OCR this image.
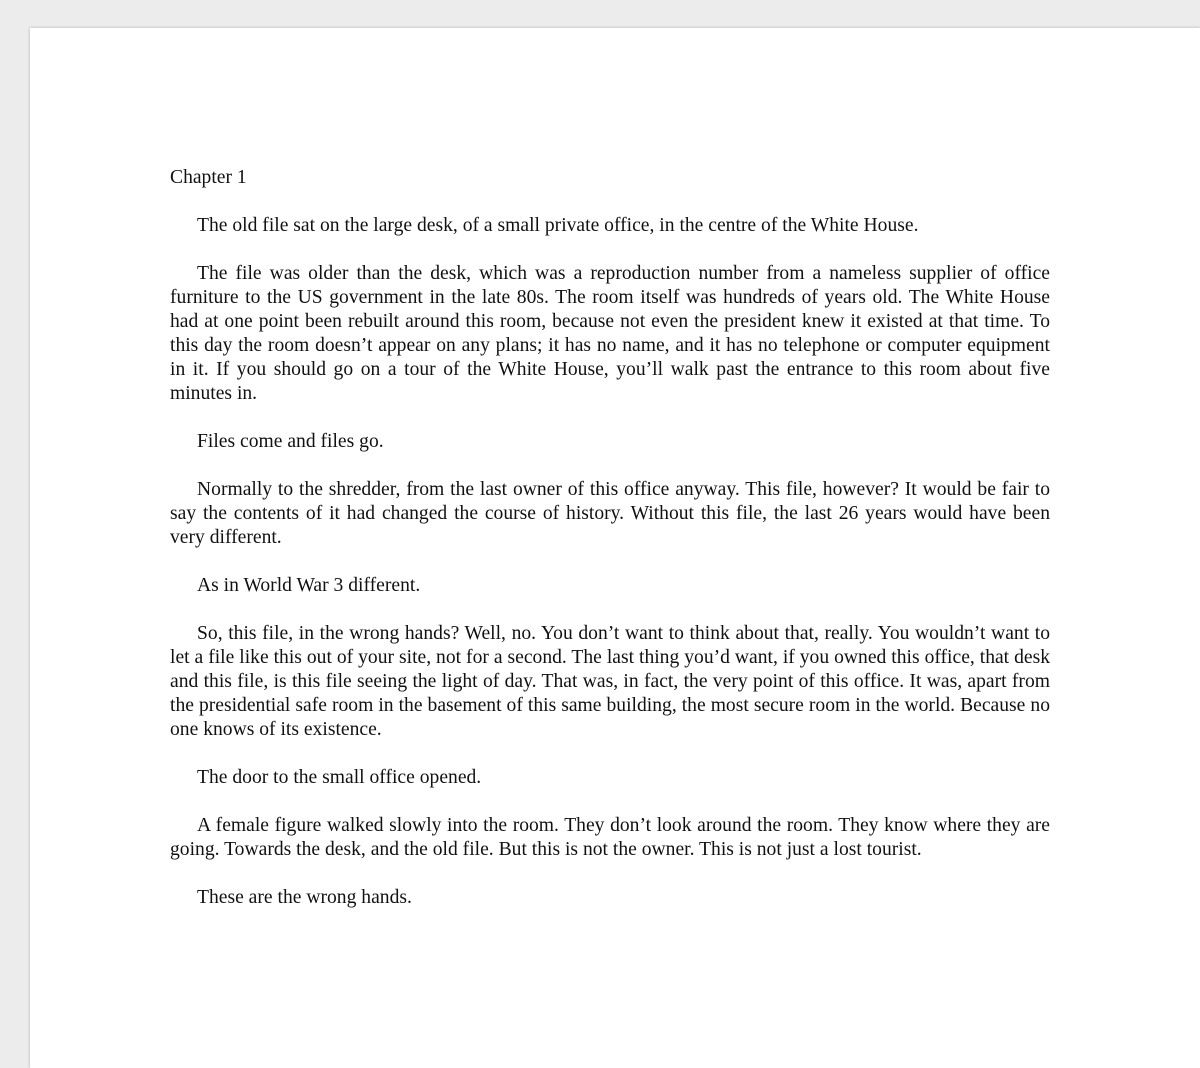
Chapter 1

The old file sat on the large desk, of a small private office, in the centre of the White House.

The file was older than the desk, which was a reproduction number from a nameless supplier of office furniture to the US government in the late 80s. The room itself was hundreds of years old. The White House had at one point been rebuilt around this room, because not even the president knew it existed at that time. To this day the room doesn’t appear on any plans; it has no name, and it has no telephone or computer equipment in it. If you should go on a tour of the White House, you’ll walk past the entrance to this room about five minutes in.

Files come and files go.

Normally to the shredder, from the last owner of this office anyway. This file, however? It would be fair to say the contents of it had changed the course of history. Without this file, the last 26 years would have been very different.

As in World War 3 different.

So, this file, in the wrong hands? Well, no. You don’t want to think about that, really. You wouldn’t want to let a file like this out of your site, not for a second. The last thing you’d want, if you owned this office, that desk and this file, is this file seeing the light of day. That was, in fact, the very point of this office. It was, apart from the presidential safe room in the basement of this same building, the most secure room in the world. Because no one knows of its existence.

The door to the small office opened.

A female figure walked slowly into the room. They don’t look around the room. They know where they are going. Towards the desk, and the old file. But this is not the owner. This is not just a lost tourist.

These are the wrong hands.
